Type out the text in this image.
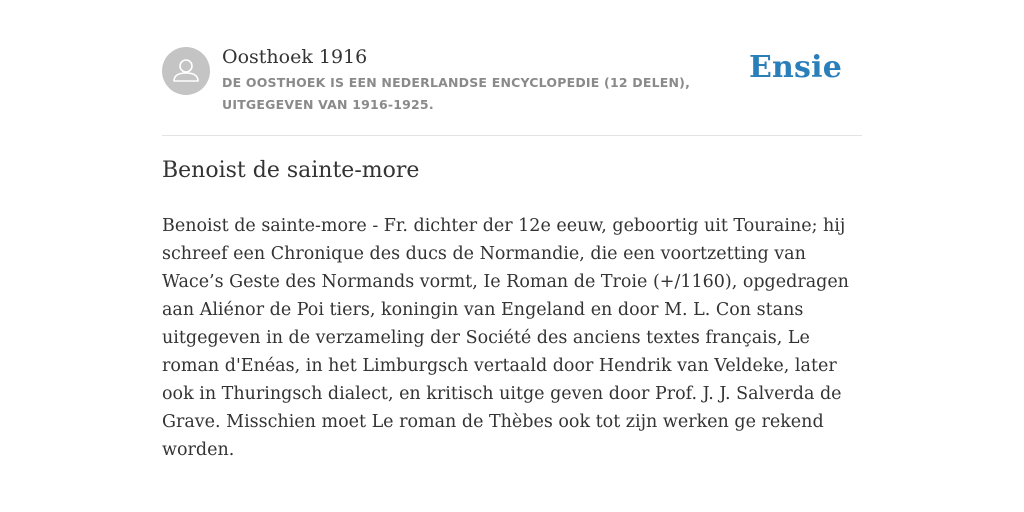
Oosthoek 1916
DE OOSTHOEK IS EEN NEDERLANDSE ENCYCLOPEDIE (12 DELEN), UITGEGEVEN VAN 1916-1925.
Ensie
Benoist de sainte-more

Benoist de sainte-more - Fr. dichter der 12e eeuw, geboortig uit Touraine; hij schreef een Chronique des ducs de Normandie, die een voortzetting van Wace’s Geste des Normands vormt, Ie Roman de Troie (+/1160), opgedragen aan Aliénor de Poi tiers, koningin van Engeland en door M. L. Con stans uitgegeven in de verzameling der Société des anciens textes français, Le roman d'Enéas, in het Limburgsch vertaald door Hendrik van Veldeke, later ook in Thuringsch dialect, en kritisch uitge geven door Prof. J. J. Salverda de Grave. Misschien moet Le roman de Thèbes ook tot zijn werken ge rekend worden.
